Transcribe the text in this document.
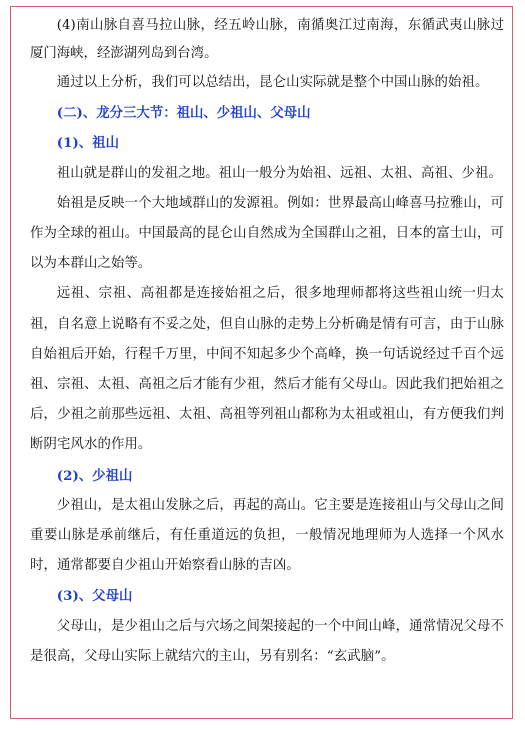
(4)南山脉自喜马拉山脉，经五岭山脉，南循奥江过南海，东循武夷山脉过厦门海峡，经澎湖列岛到台湾。

通过以上分析，我们可以总结出，昆仑山实际就是整个中国山脉的始祖。

(二)、龙分三大节：祖山、少祖山、父母山

(1)、祖山

祖山就是群山的发祖之地。祖山一般分为始祖、远祖、太祖、高祖、少祖。

始祖是反映一个大地域群山的发源祖。例如：世界最高山峰喜马拉雅山，可作为全球的祖山。中国最高的昆仑山自然成为全国群山之祖，日本的富士山，可以为本群山之始等。

远祖、宗祖、高祖都是连接始祖之后，很多地理师都将这些祖山统一归太祖，自名意上说略有不妥之处，但自山脉的走势上分析确是情有可言，由于山脉自始祖后开始，行程千万里，中间不知起多少个高峰，换一句话说经过千百个远祖、宗祖、太祖、高祖之后才能有少祖，然后才能有父母山。因此我们把始祖之后，少祖之前那些远祖、太祖、高祖等列祖山都称为太祖或祖山，有方便我们判断阴宅风水的作用。

(2)、少祖山

少祖山，是太祖山发脉之后，再起的高山。它主要是连接祖山与父母山之间重要山脉是承前继后，有任重道远的负担，一般情况地理师为人选择一个风水时，通常都要自少祖山开始察看山脉的吉凶。

(3)、父母山

父母山，是少祖山之后与穴场之间架接起的一个中间山峰，通常情况父母不是很高，父母山实际上就结穴的主山，另有别名：“玄武脑”。
